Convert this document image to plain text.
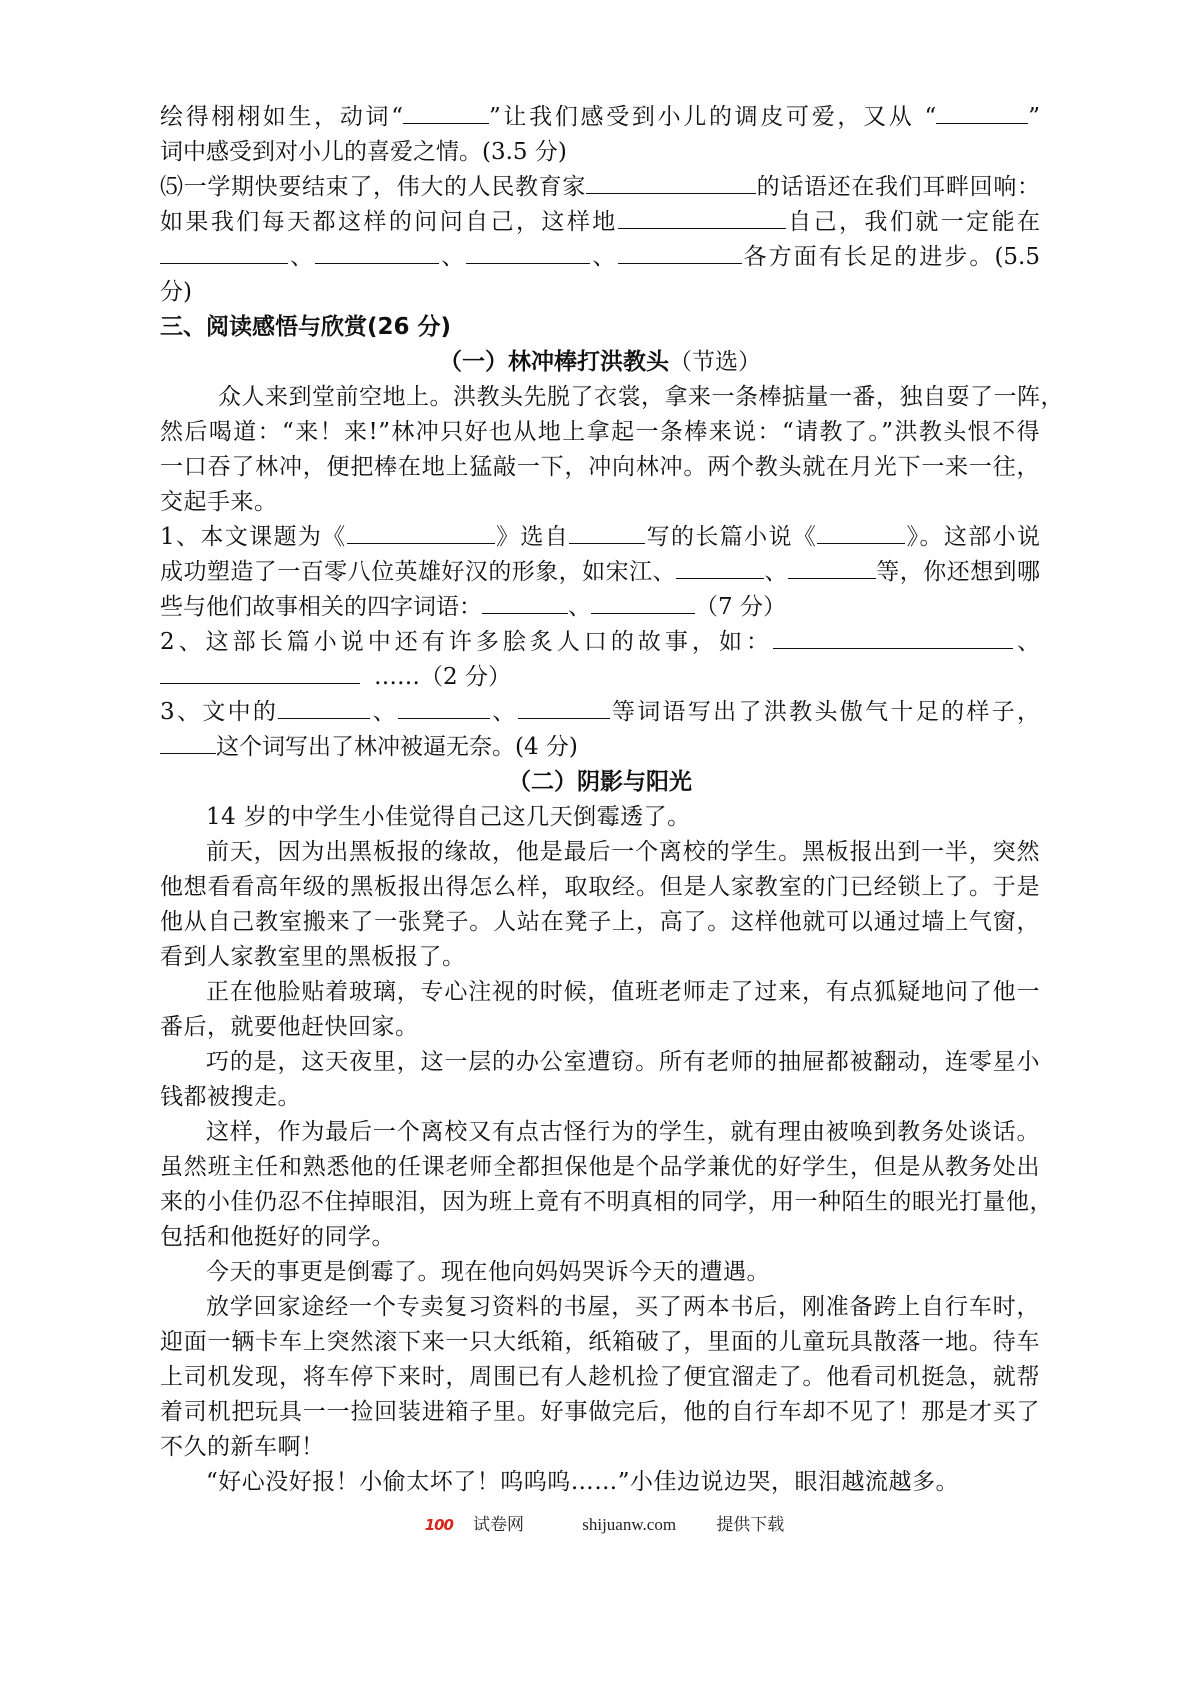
绘得栩栩如生，动词“	”让我们感受到小儿的调皮可爱，又从 “	”
词中感受到对小儿的喜爱之情。(3.5 分)
⑸一学期快要结束了，伟大的人民教育家	的话语还在我们耳畔回响：
如果我们每天都这样的问问自己，这样地	自己，我们就一定能在
、	、	、	各方面有长足的进步。(5.5
分)
三、阅读感悟与欣赏(26 分)
（一）林冲棒打洪教头（节选）
众人来到堂前空地上。洪教头先脱了衣裳，拿来一条棒掂量一番，独自耍了一阵，
然后喝道：“来！来!”林冲只好也从地上拿起一条棒来说：“请教了。”洪教头恨不得
一口吞了林冲，便把棒在地上猛敲一下，冲向林冲。两个教头就在月光下一来一往，
交起手来。
1、本文课题为《	》选自	写的长篇小说《	》。这部小说
成功塑造了一百零八位英雄好汉的形象，如宋江、	、	等，你还想到哪
些与他们故事相关的四字词语：	、	（7 分）
2、这部长篇小说中还有许多脍炙人口的故事，如：	、
……（2 分）
3、文中的	、	、	等词语写出了洪教头傲气十足的样子，
这个词写出了林冲被逼无奈。(4 分)
（二）阴影与阳光
14 岁的中学生小佳觉得自己这几天倒霉透了。
前天，因为出黑板报的缘故，他是最后一个离校的学生。黑板报出到一半，突然
他想看看高年级的黑板报出得怎么样，取取经。但是人家教室的门已经锁上了。于是
他从自己教室搬来了一张凳子。人站在凳子上，高了。这样他就可以通过墙上气窗，
看到人家教室里的黑板报了。
正在他脸贴着玻璃，专心注视的时候，值班老师走了过来，有点狐疑地问了他一
番后，就要他赶快回家。
巧的是，这天夜里，这一层的办公室遭窃。所有老师的抽屉都被翻动，连零星小
钱都被搜走。
这样，作为最后一个离校又有点古怪行为的学生，就有理由被唤到教务处谈话。
虽然班主任和熟悉他的任课老师全都担保他是个品学兼优的好学生，但是从教务处出
来的小佳仍忍不住掉眼泪，因为班上竟有不明真相的同学，用一种陌生的眼光打量他，
包括和他挺好的同学。
今天的事更是倒霉了。现在他向妈妈哭诉今天的遭遇。
放学回家途经一个专卖复习资料的书屋，买了两本书后，刚准备跨上自行车时，
迎面一辆卡车上突然滚下来一只大纸箱，纸箱破了，里面的儿童玩具散落一地。待车
上司机发现，将车停下来时，周围已有人趁机捡了便宜溜走了。他看司机挺急，就帮
着司机把玩具一一捡回装进箱子里。好事做完后，他的自行车却不见了！那是才买了
不久的新车啊！
“好心没好报！小偷太坏了！呜呜呜……”小佳边说边哭，眼泪越流越多。
100 试卷网	shijuanw.com 提供下载
